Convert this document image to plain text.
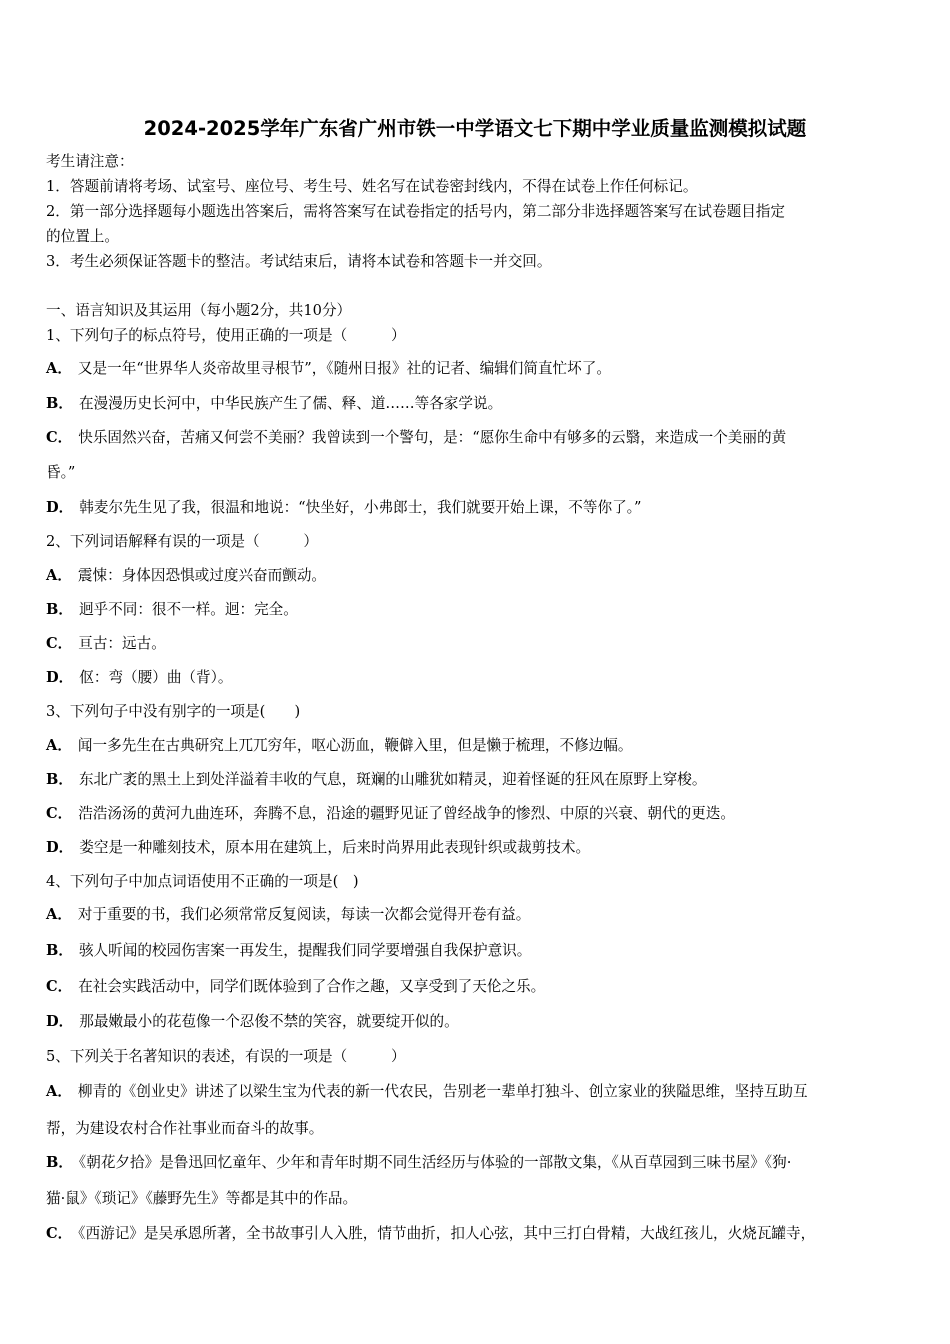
2024-2025学年广东省广州市铁一中学语文七下期中学业质量监测模拟试题
考生请注意：
1．答题前请将考场、试室号、座位号、考生号、姓名写在试卷密封线内，不得在试卷上作任何标记。
2．第一部分选择题每小题选出答案后，需将答案写在试卷指定的括号内，第二部分非选择题答案写在试卷题目指定
的位置上。
3．考生必须保证答题卡的整洁。考试结束后，请将本试卷和答题卡一并交回。
一、语言知识及其运用（每小题2分，共10分）
1、下列句子的标点符号，使用正确的一项是（　　　）
A． 又是一年“世界华人炎帝故里寻根节”，《随州日报》社的记者、编辑们简直忙坏了。
B． 在漫漫历史长河中，中华民族产生了儒、释、道……等各家学说。
C． 快乐固然兴奋，苦痛又何尝不美丽？我曾读到一个警句，是：“愿你生命中有够多的云翳，来造成一个美丽的黄
昏。”
D． 韩麦尔先生见了我，很温和地说：“快坐好，小弗郎士，我们就要开始上课，不等你了。”
2、下列词语解释有误的一项是（　　　）
A． 震悚：身体因恐惧或过度兴奋而颤动。
B． 迥乎不同：很不一样。迥：完全。
C． 亘古：远古。
D． 伛：弯（腰）曲（背）。
3、下列句子中没有别字的一项是(　　)
A． 闻一多先生在古典研究上兀兀穷年，呕心沥血，鞭僻入里，但是懒于梳理，不修边幅。
B． 东北广袤的黑土上到处洋溢着丰收的气息，斑斓的山雕犹如精灵，迎着怪诞的狂风在原野上穿梭。
C． 浩浩汤汤的黄河九曲连环，奔腾不息，沿途的疆野见证了曾经战争的惨烈、中原的兴衰、朝代的更迭。
D． 娄空是一种雕刻技术，原本用在建筑上，后来时尚界用此表现针织或裁剪技术。
4、下列句子中加点词语使用不正确的一项是(　)
A． 对于重要的书，我们必须常常反复阅读，每读一次都会觉得开卷有益。
B． 骇人听闻的校园伤害案一再发生，提醒我们同学要增强自我保护意识。
C． 在社会实践活动中，同学们既体验到了合作之趣，又享受到了天伦之乐。
D． 那最嫩最小的花苞像一个忍俊不禁的笑容，就要绽开似的。
5、下列关于名著知识的表述，有误的一项是（　　　）
A． 柳青的《创业史》讲述了以梁生宝为代表的新一代农民，告别老一辈单打独斗、创立家业的狭隘思维，坚持互助互
帮，为建设农村合作社事业而奋斗的故事。
B． 《朝花夕拾》是鲁迅回忆童年、少年和青年时期不同生活经历与体验的一部散文集，《从百草园到三味书屋》《狗·
猫·鼠》《琐记》《藤野先生》等都是其中的作品。
C． 《西游记》是吴承恩所著，全书故事引人入胜，情节曲折，扣人心弦，其中三打白骨精，大战红孩儿，火烧瓦罐寺，
